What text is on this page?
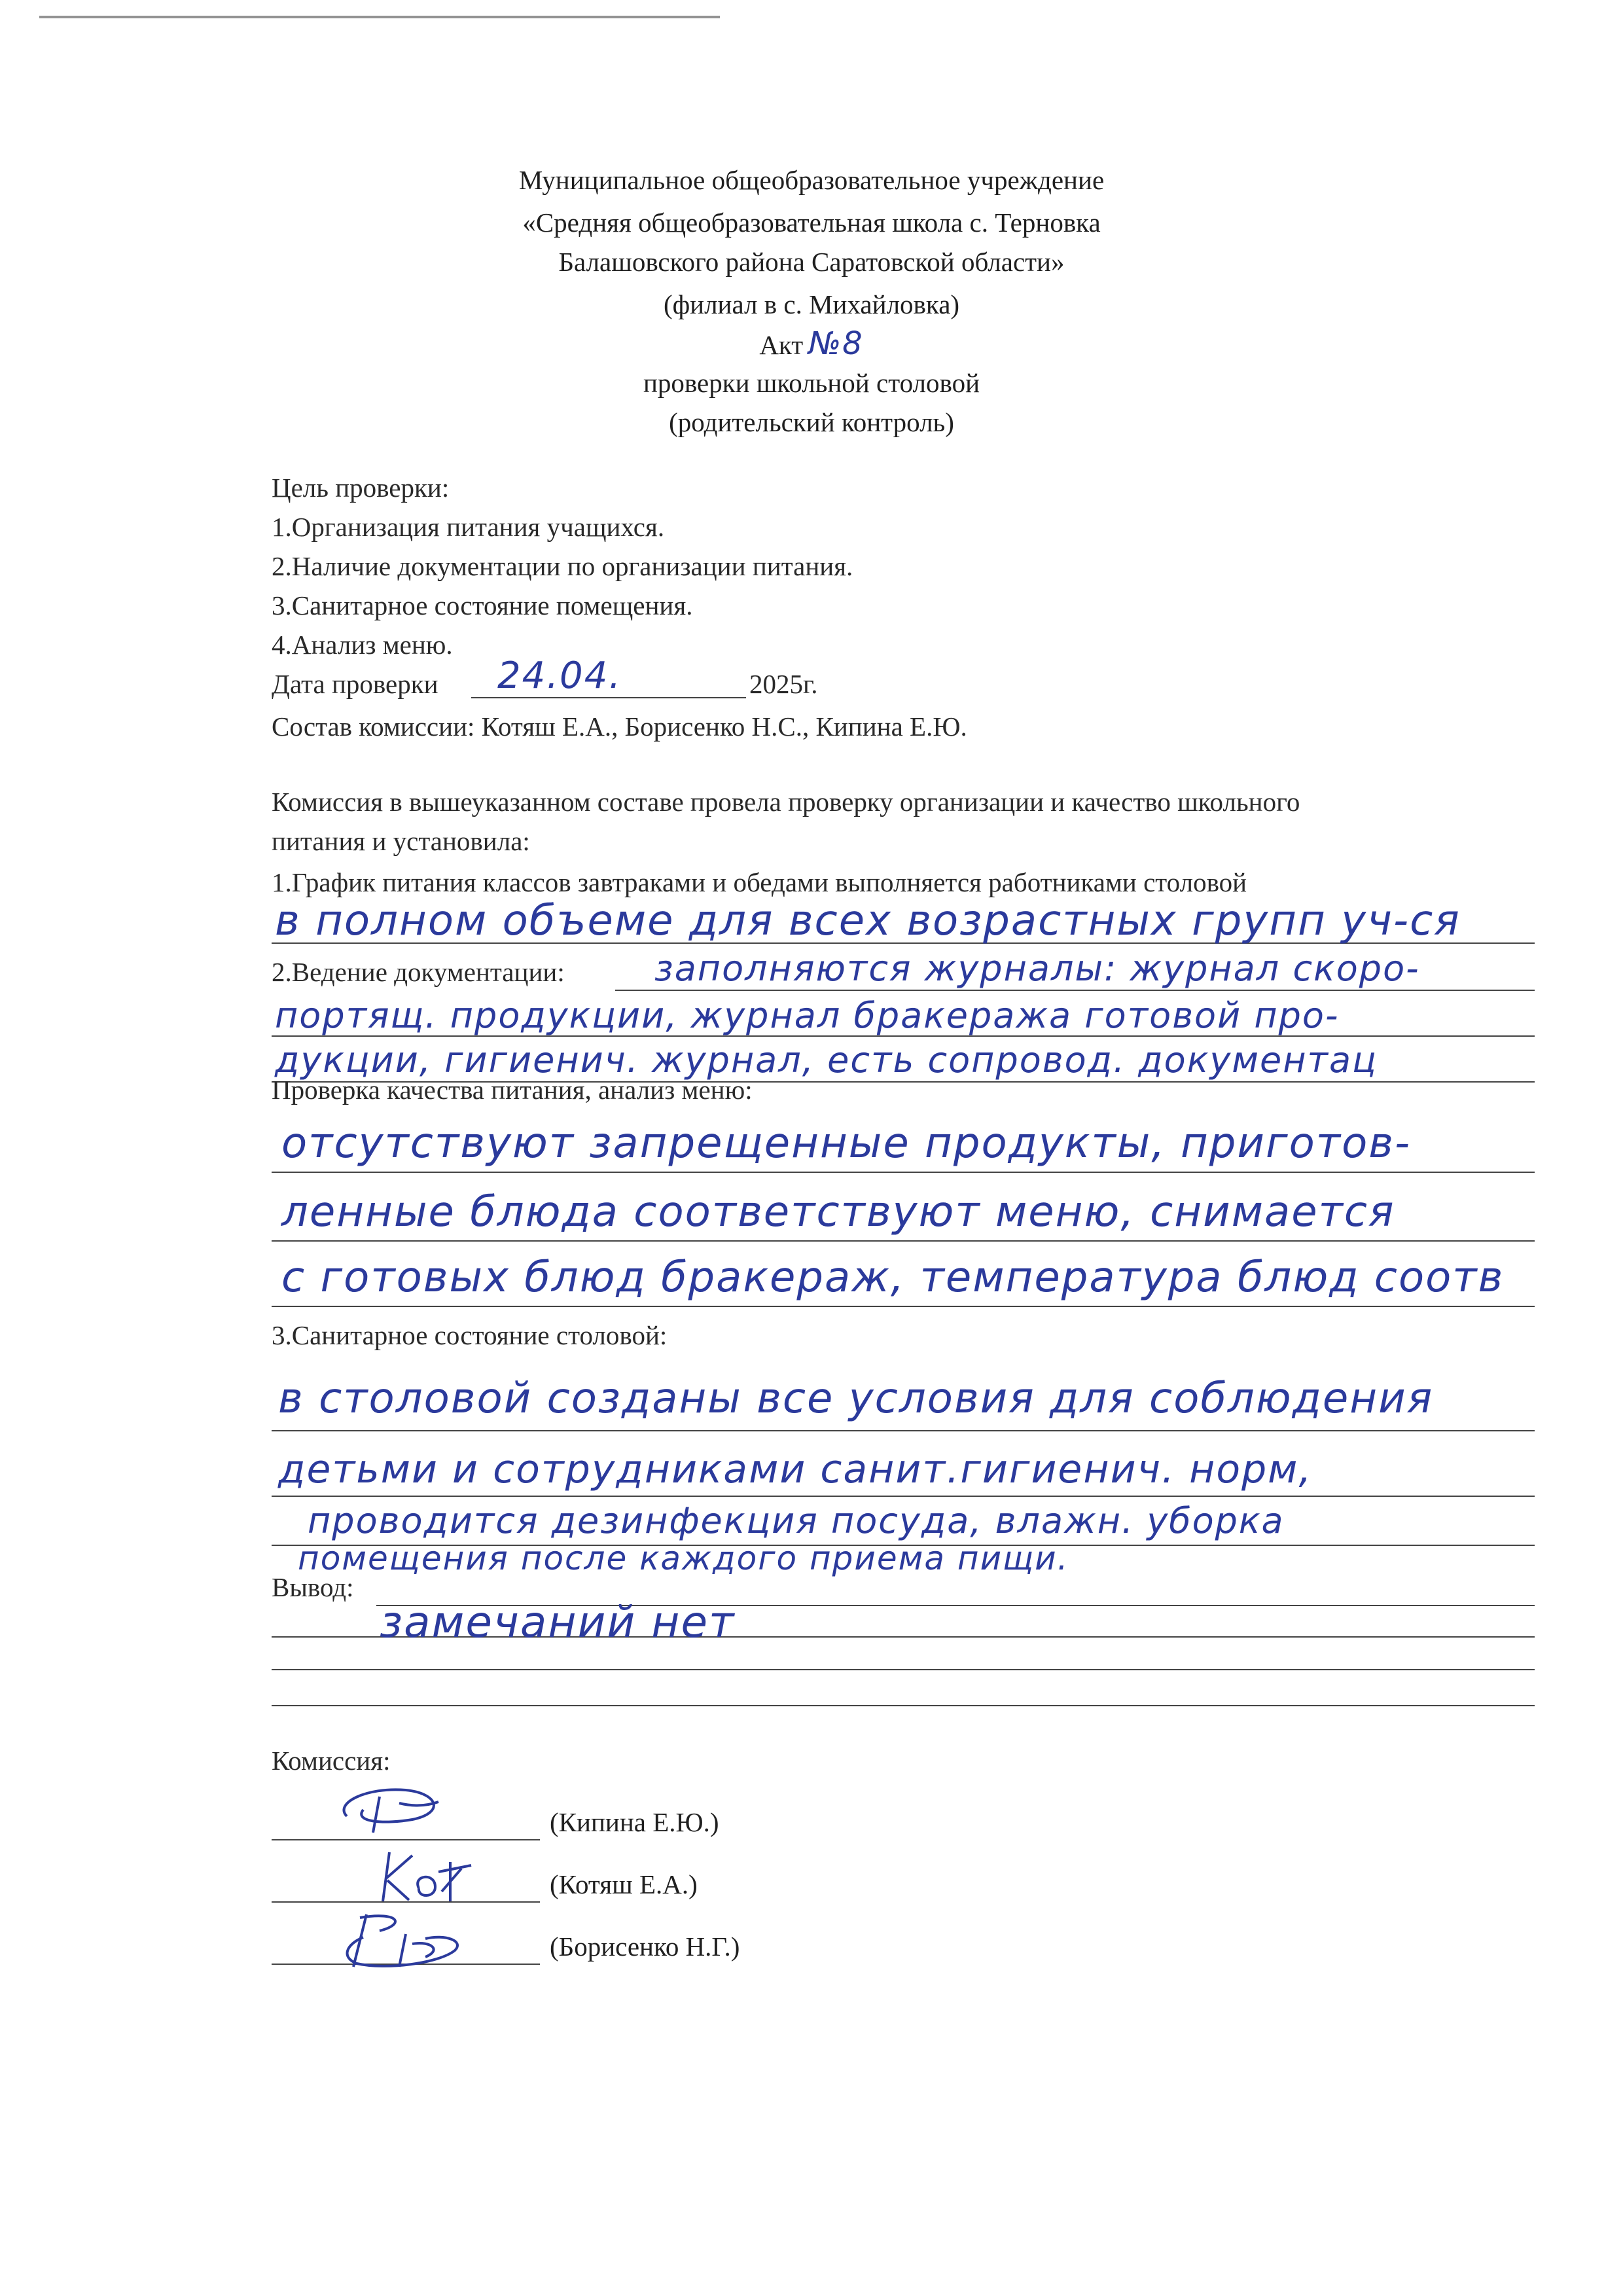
Муниципальное общеобразовательное учреждение
«Средняя общеобразовательная школа с. Терновка
Балашовского района Саратовской области»
(филиал в с. Михайловка)
Акт №8
проверки школьной столовой
(родительский контроль)
Цель проверки:
1.Организация питания учащихся.
2.Наличие документации по организации питания.
3.Санитарное состояние помещения.
4.Анализ меню.
Дата проверки 24.04.	2025г.
Состав комиссии: Котяш Е.А., Борисенко Н.С., Кипина Е.Ю.
Комиссия в вышеуказанном составе провела проверку организации и качество школьного
питания и установила:
1.График питания классов завтраками и обедами выполняется работниками столовой
в полном объеме для всех возрастных групп уч-ся
2.Ведение документации:	заполняются журналы: журнал скоро-
портящ. продукции, журнал бракеража готовой про-
дукции, гигиенич. журнал, есть сопровод. документац
Проверка качества питания, анализ меню:
отсутствуют запрещенные продукты, приготов-
ленные блюда соответствуют меню, снимается
с готовых блюд бракераж, температура блюд соотв
3.Санитарное состояние столовой:
в столовой созданы все условия для соблюдения
детьми и сотрудниками санит.гигиенич. норм,
проводится дезинфекция посуда, влажн. уборка
помещения после каждого приема пищи.
Вывод:
замечаний нет
Комиссия:
(Кипина Е.Ю.)
(Котяш Е.А.)
(Борисенко Н.Г.)
